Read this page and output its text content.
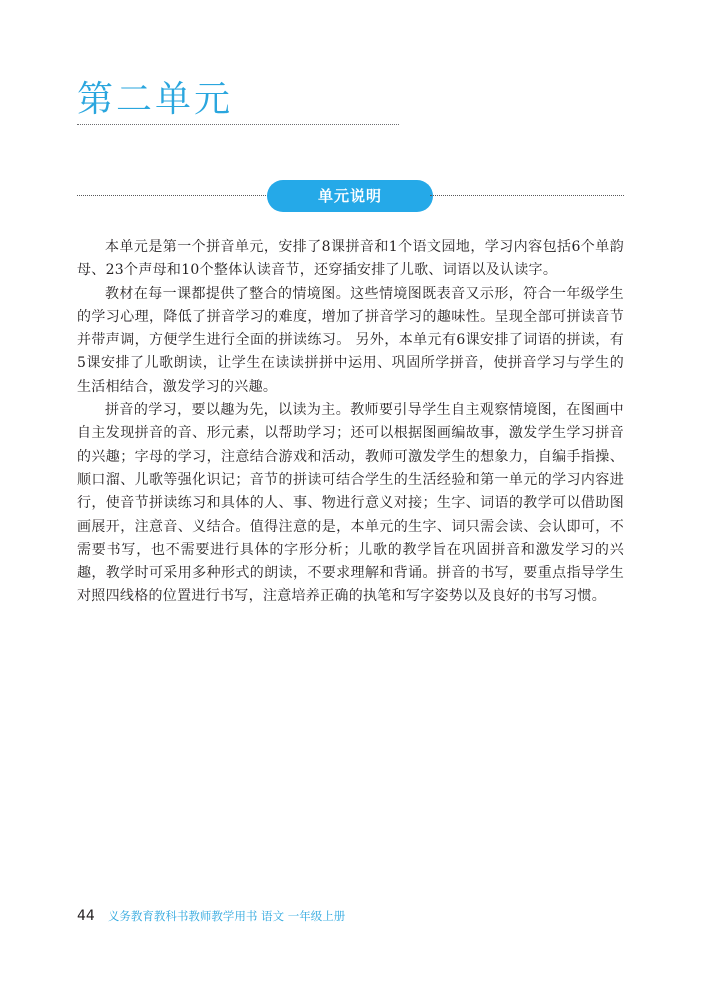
第二单元
单元说明

本单元是第一个拼音单元，安排了8课拼音和1个语文园地，学习内容包括6个单韵母、23个声母和10个整体认读音节，还穿插安排了儿歌、词语以及认读字。

教材在每一课都提供了整合的情境图。这些情境图既表音又示形，符合一年级学生的学习心理，降低了拼音学习的难度，增加了拼音学习的趣味性。呈现全部可拼读音节并带声调，方便学生进行全面的拼读练习。 另外，本单元有6课安排了词语的拼读，有5课安排了儿歌朗读，让学生在读读拼拼中运用、巩固所学拼音，使拼音学习与学生的生活相结合，激发学习的兴趣。

拼音的学习，要以趣为先，以读为主。教师要引导学生自主观察情境图，在图画中自主发现拼音的音、形元素，以帮助学习；还可以根据图画编故事，激发学生学习拼音的兴趣；字母的学习，注意结合游戏和活动，教师可激发学生的想象力，自编手指操、顺口溜、儿歌等强化识记；音节的拼读可结合学生的生活经验和第一单元的学习内容进行，使音节拼读练习和具体的人、事、物进行意义对接；生字、词语的教学可以借助图画展开，注意音、义结合。值得注意的是，本单元的生字、词只需会读、会认即可，不需要书写，也不需要进行具体的字形分析；儿歌的教学旨在巩固拼音和激发学习的兴趣，教学时可采用多种形式的朗读，不要求理解和背诵。拼音的书写，要重点指导学生对照四线格的位置进行书写，注意培养正确的执笔和写字姿势以及良好的书写习惯。

44 义务教育教科书教师教学用书 语文 一年级上册
